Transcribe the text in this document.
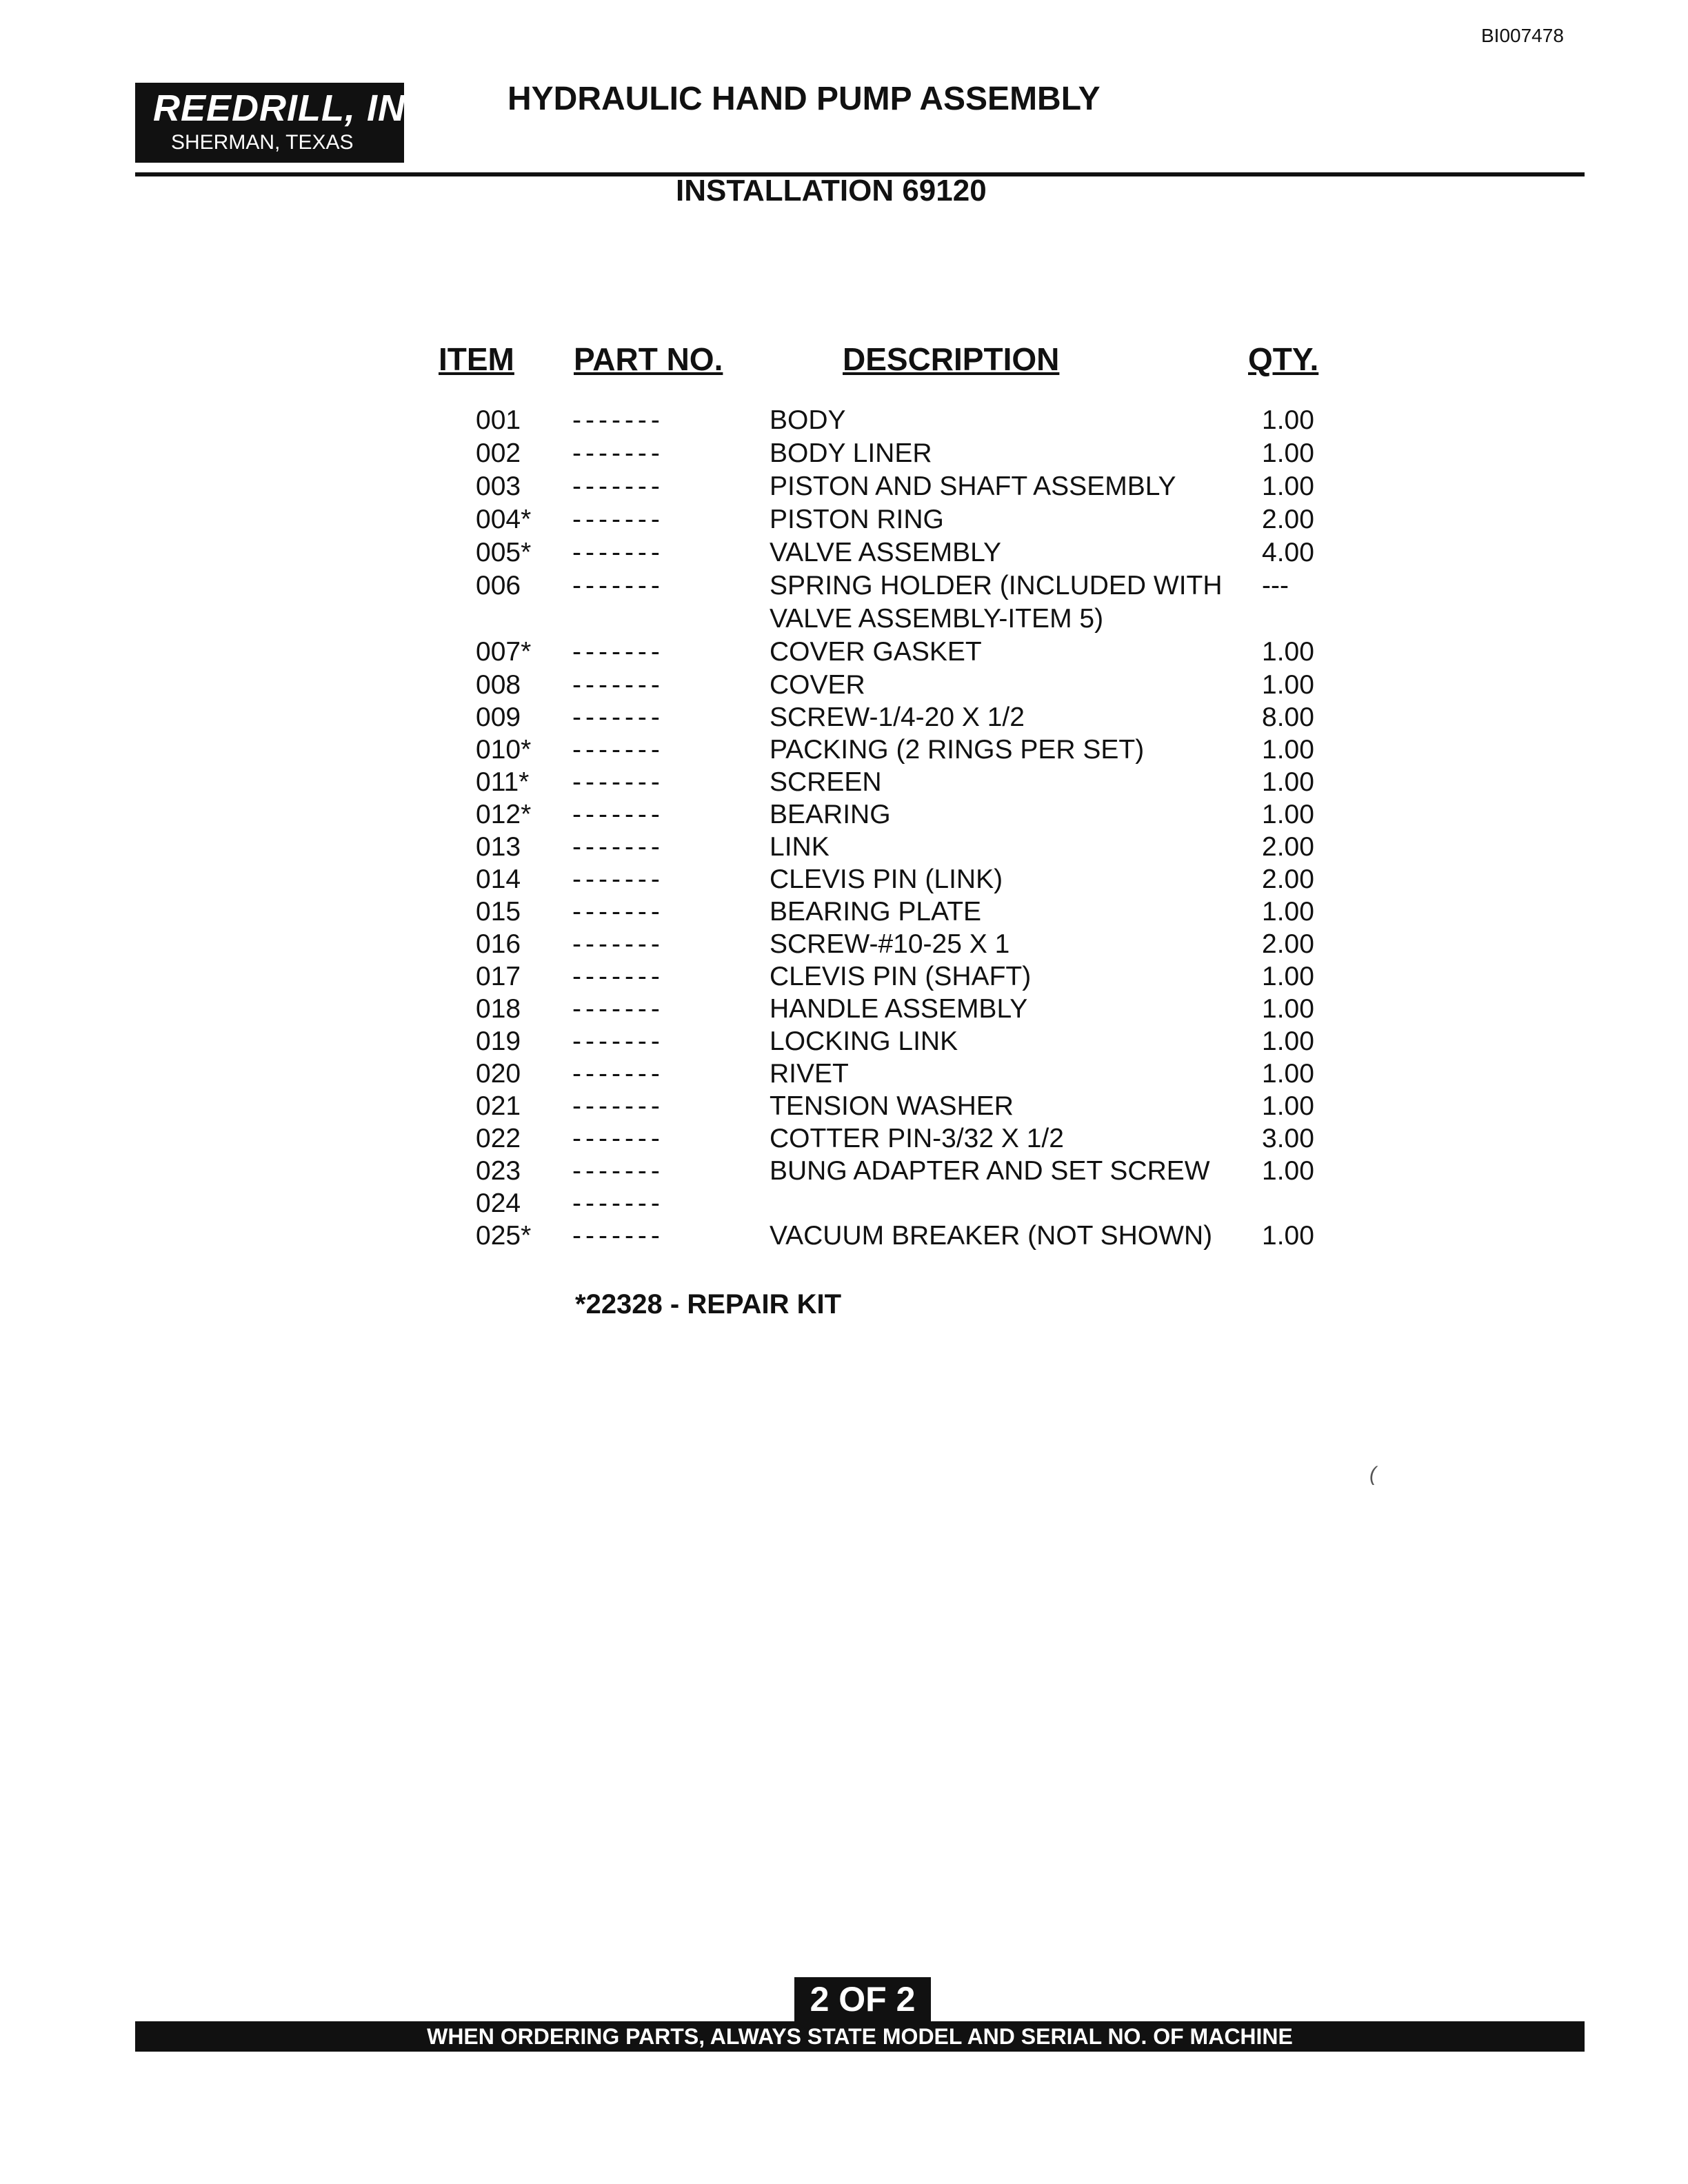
BI007478
REEDRILL, INC.
SHERMAN, TEXAS
HYDRAULIC HAND PUMP ASSEMBLY
INSTALLATION 69120
ITEM PART NO.	DESCRIPTION	QTY.
001 -------	BODY	1.00
002 -------	BODY LINER	1.00
003 -------	PISTON AND SHAFT ASSEMBLY	1.00
004* -------	PISTON RING	2.00
005* -------	VALVE ASSEMBLY	4.00
006 -------	SPRING HOLDER (INCLUDED WITH ---
VALVE ASSEMBLY-ITEM 5)
007* -------	COVER GASKET	1.00
008 -------	COVER	1.00
009 -------	SCREW-1/4-20 X 1/2	8.00
010* -------	PACKING (2 RINGS PER SET)	1.00
011* -------	SCREEN	1.00
012* -------	BEARING	1.00
013 -------	LINK	2.00
014 -------	CLEVIS PIN (LINK)	2.00
015 -------	BEARING PLATE	1.00
016 -------	SCREW-#10-25 X 1	2.00
017 -------	CLEVIS PIN (SHAFT)	1.00
018 -------	HANDLE ASSEMBLY	1.00
019 -------	LOCKING LINK	1.00
020 -------	RIVET	1.00
021 -------	TENSION WASHER	1.00
022 -------	COTTER PIN-3/32 X 1/2	3.00
023 -------	BUNG ADAPTER AND SET SCREW 1.00
024 -------
025* -------	VACUUM BREAKER (NOT SHOWN) 1.00
*22328 - REPAIR KIT
(
2 OF 2
WHEN ORDERING PARTS, ALWAYS STATE MODEL AND SERIAL NO. OF MACHINE
